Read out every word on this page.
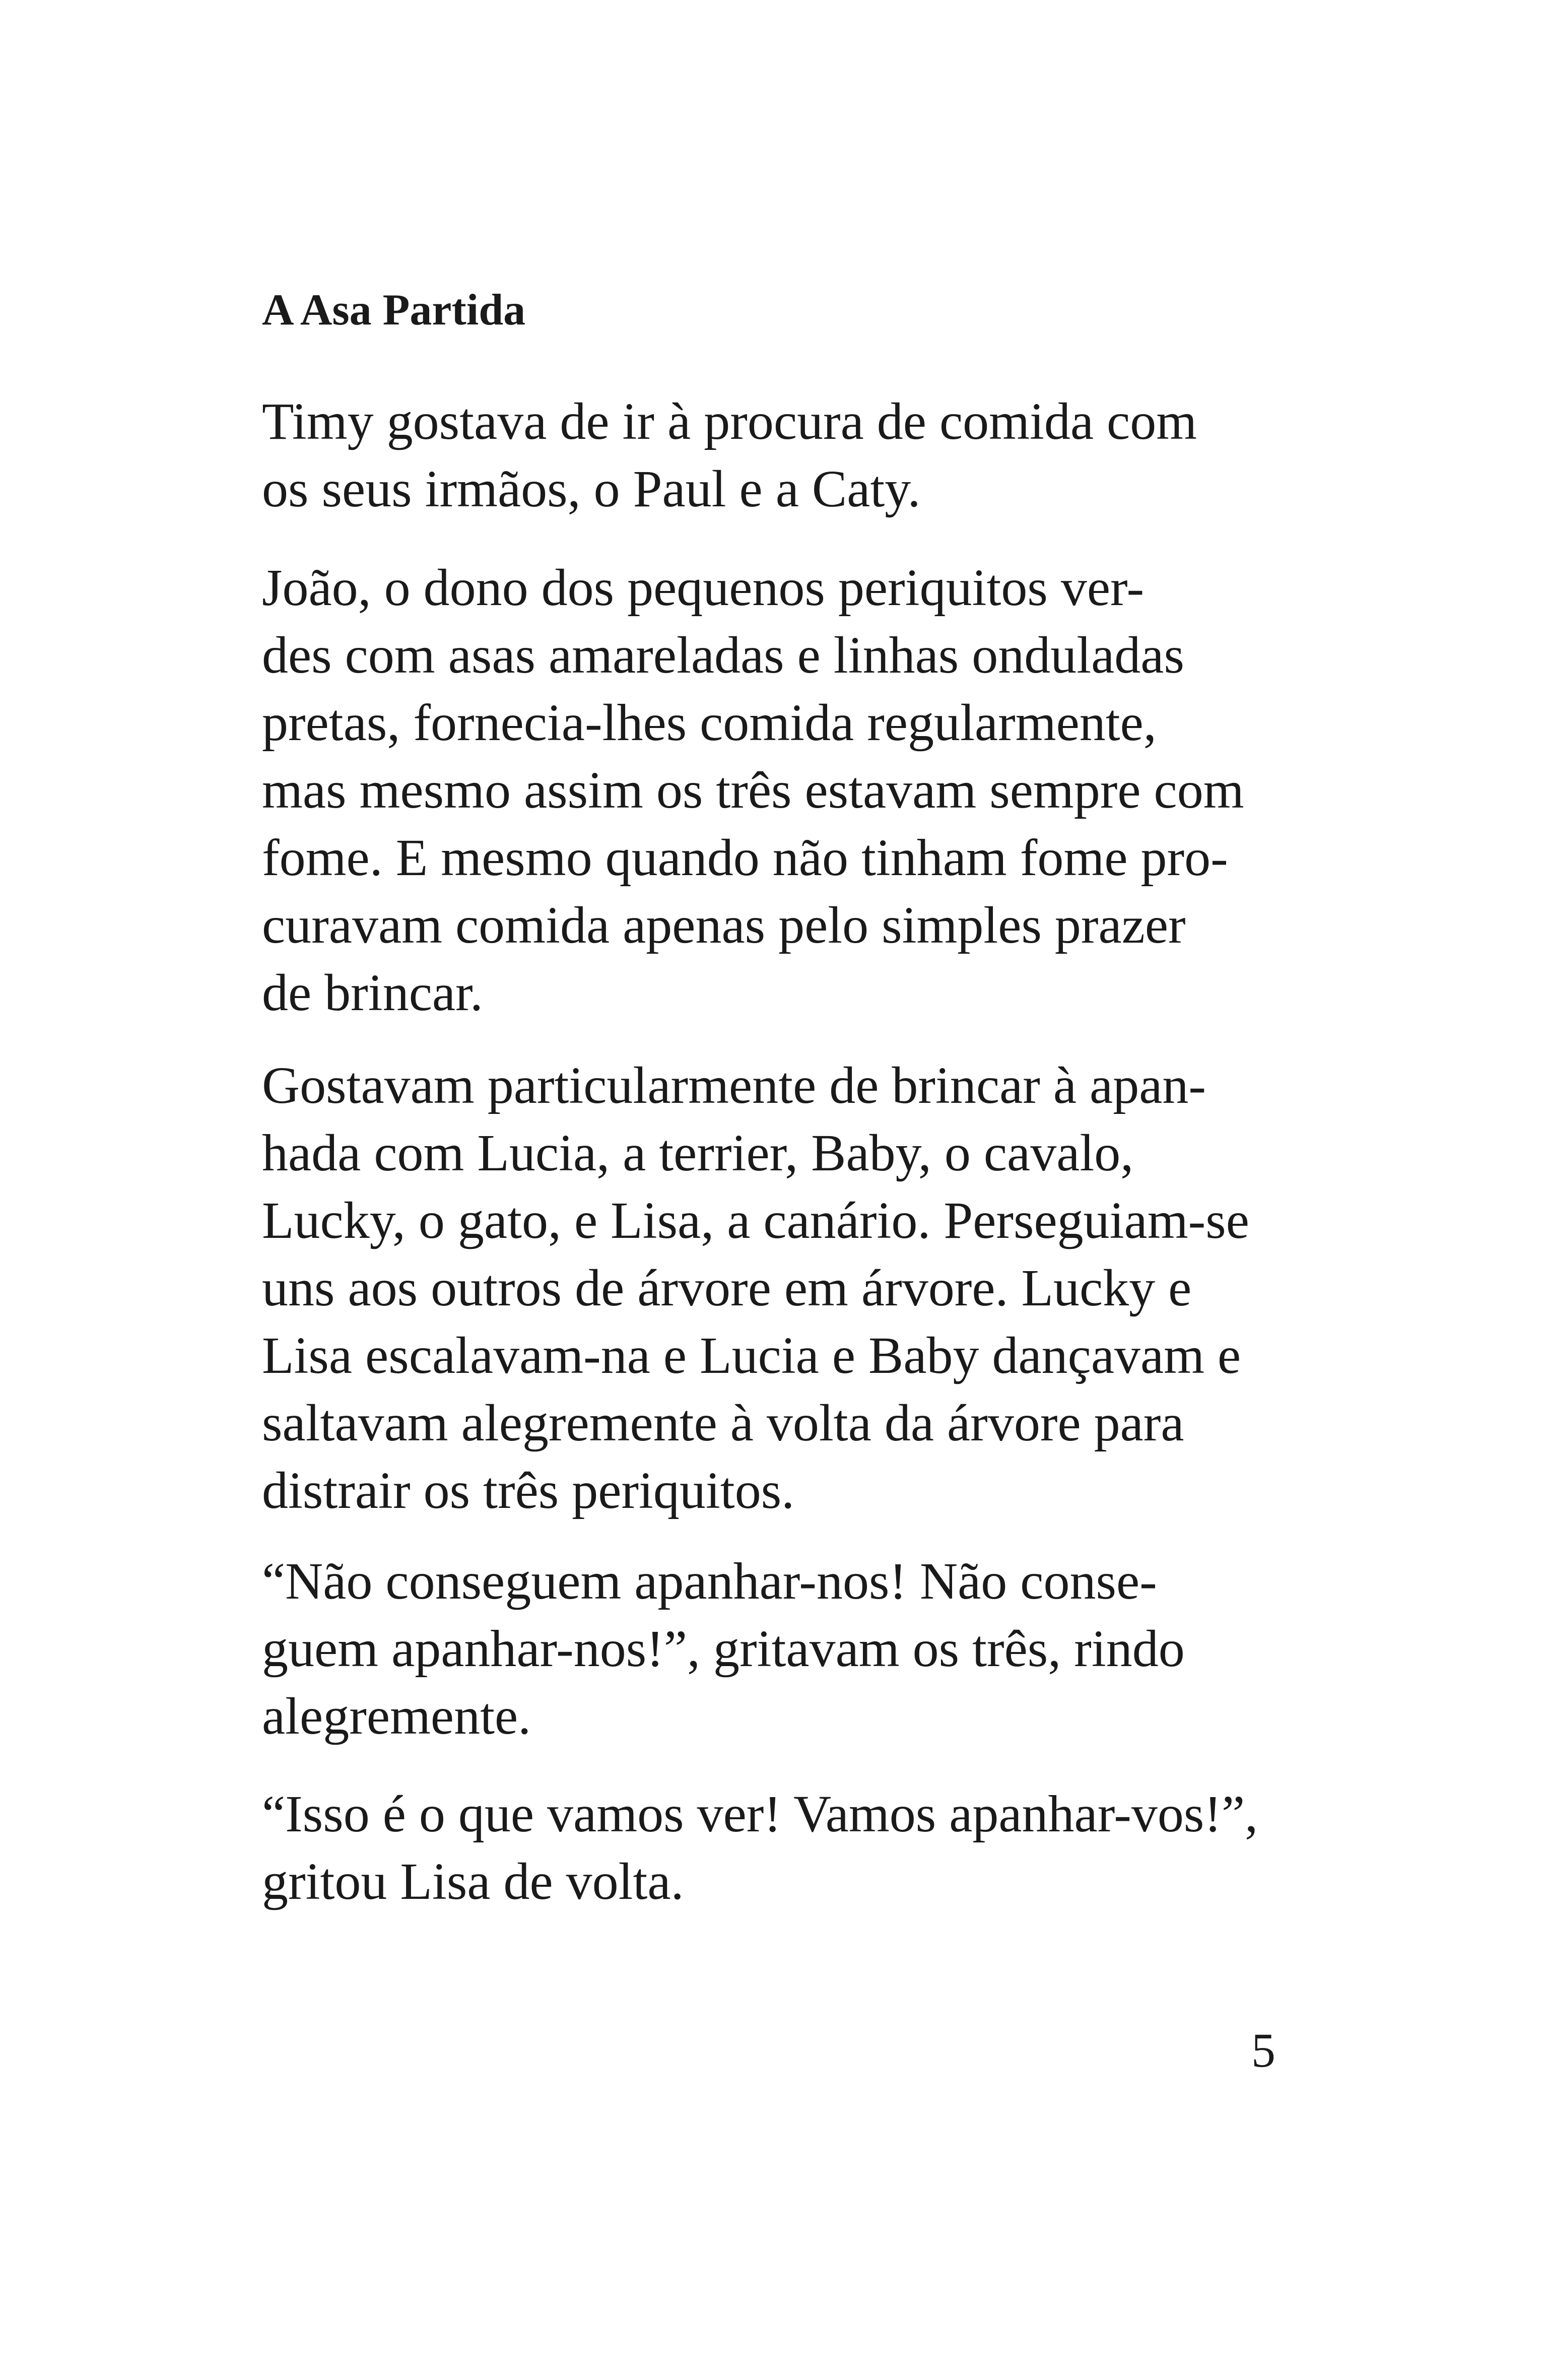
A Asa Partida
Timy gostava de ir à procura de comida com
os seus irmãos, o Paul e a Caty.
João, o dono dos pequenos periquitos ver-
des com asas amareladas e linhas onduladas
pretas, fornecia-lhes comida regularmente,
mas mesmo assim os três estavam sempre com
fome. E mesmo quando não tinham fome pro-
curavam comida apenas pelo simples prazer
de brincar.
Gostavam particularmente de brincar à apan-
hada com Lucia, a terrier, Baby, o cavalo,
Lucky, o gato, e Lisa, a canário. Perseguiam-se
uns aos outros de árvore em árvore. Lucky e
Lisa escalavam-na e Lucia e Baby dançavam e
saltavam alegremente à volta da árvore para
distrair os três periquitos.
“Não conseguem apanhar-nos! Não conse-
guem apanhar-nos!”, gritavam os três, rindo
alegremente.
“Isso é o que vamos ver! Vamos apanhar-vos!”,
gritou Lisa de volta.
5
